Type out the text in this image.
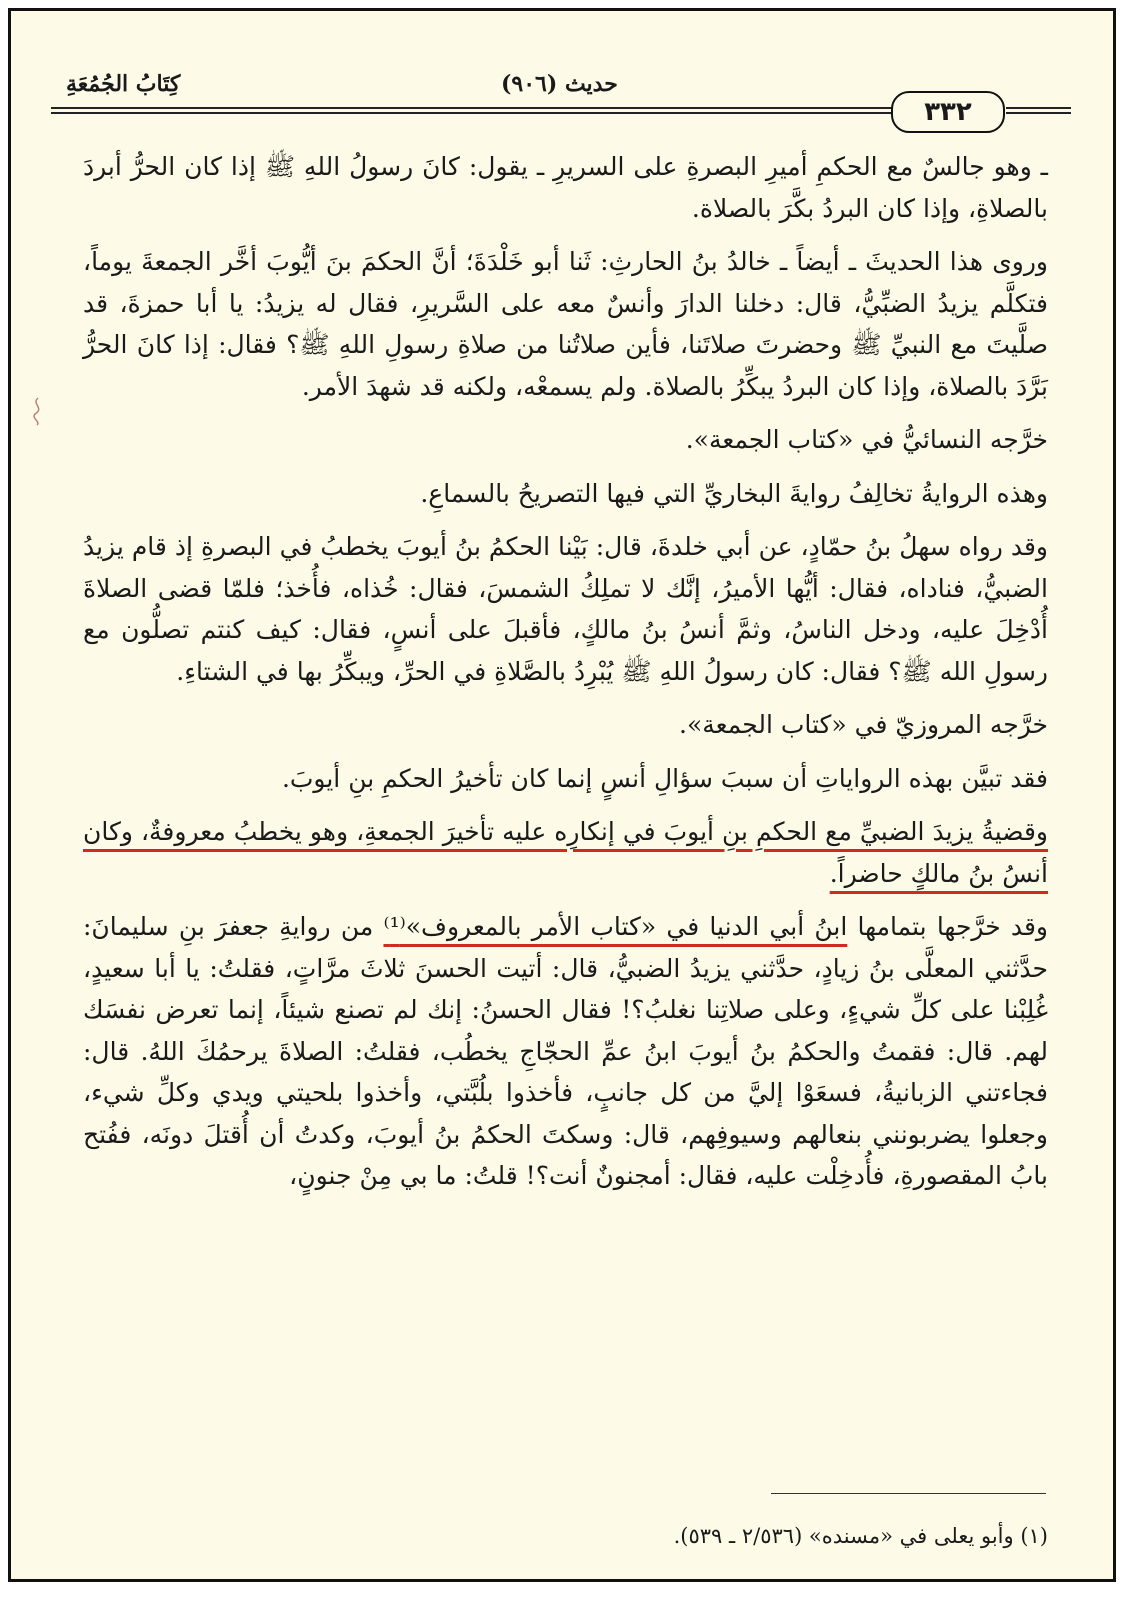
٣٣٢
حديث (٩٠٦)
كِتَابُ الجُمُعَةِ

ـ وهو جالسٌ مع الحكمِ أميرِ البصرةِ على السريرِ ـ يقول: كانَ رسولُ اللهِ ﷺ إذا كان الحرُّ أبردَ بالصلاةِ، وإذا كان البردُ بكَّرَ بالصلاة.

وروى هذا الحديثَ ـ أيضاً ـ خالدُ بنُ الحارثِ: ثَنا أبو خَلْدَةَ؛ أنَّ الحكمَ بنَ أيُّوبَ أخَّر الجمعةَ يوماً، فتكلَّم يزيدُ الضبِّيُّ، قال: دخلنا الدارَ وأنسٌ معه على السَّريرِ، فقال له يزيدُ: يا أبا حمزةَ، قد صلَّيتَ مع النبيِّ ﷺ وحضرتَ صلاتَنا، فأين صلاتُنا من صلاةِ رسولِ اللهِ ﷺ؟ فقال: إذا كانَ الحرُّ بَرَّدَ بالصلاة، وإذا كان البردُ يبكِّرُ بالصلاة. ولم يسمعْه، ولكنه قد شهدَ الأمر.

خرَّجه النسائيُّ في «كتاب الجمعة».

وهذه الروايةُ تخالِفُ روايةَ البخاريِّ التي فيها التصريحُ بالسماعِ.

وقد رواه سهلُ بنُ حمّادٍ، عن أبي خلدةَ، قال: بَيْنا الحكمُ بنُ أيوبَ يخطبُ في البصرةِ إذ قام يزيدُ الضبيُّ، فناداه، فقال: أيُّها الأميرُ، إنَّك لا تملِكُ الشمسَ، فقال: خُذاه، فأُخذ؛ فلمّا قضى الصلاةَ أُدْخِلَ عليه، ودخل الناسُ، وثمَّ أنسُ بنُ مالكٍ، فأقبلَ على أنسٍ، فقال: كيف كنتم تصلُّون مع رسولِ الله ﷺ؟ فقال: كان رسولُ اللهِ ﷺ يُبْرِدُ بالصَّلاةِ في الحرِّ، ويبكِّرُ بها في الشتاءِ.

خرَّجه المروزيّ في «كتاب الجمعة».

فقد تبيَّن بهذه الرواياتِ أن سببَ سؤالِ أنسٍ إنما كان تأخيرُ الحكمِ بنِ أيوبَ.

وقضيةُ يزيدَ الضبيِّ مع الحكمِ بنِ أيوبَ في إنكارِه عليه تأخيرَ الجمعةِ، وهو يخطبُ معروفةٌ، وكان أنسُ بنُ مالكٍ حاضراً.

وقد خرَّجها بتمامها ابنُ أبي الدنيا في «كتاب الأمر بالمعروف»⁽¹⁾ من روايةِ جعفرَ بنِ سليمانَ: حدَّثني المعلَّى بنُ زيادٍ، حدَّثني يزيدُ الضبيُّ، قال: أتيت الحسنَ ثلاثَ مرَّاتٍ، فقلتُ: يا أبا سعيدٍ، غُلِبْنا على كلِّ شيءٍ، وعلى صلاتِنا نغلبُ؟! فقال الحسنُ: إنك لم تصنع شيئاً، إنما تعرض نفسَك لهم. قال: فقمتُ والحكمُ بنُ أيوبَ ابنُ عمِّ الحجّاجِ يخطُب، فقلتُ: الصلاةَ يرحمُكَ اللهُ. قال: فجاءتني الزبانيةُ، فسعَوْا إليَّ من كل جانبٍ، فأخذوا بلُبَّتي، وأخذوا بلحيتي ويدي وكلِّ شيء، وجعلوا يضربونني بنعالهم وسيوفِهم، قال: وسكتَ الحكمُ بنُ أيوبَ، وكدتُ أن أُقتلَ دونَه، ففُتح بابُ المقصورةِ، فأُدخِلْت عليه، فقال: أمجنونٌ أنت؟! قلتُ: ما بي مِنْ جنونٍ،

(١) وأبو يعلى في «مسنده» (٢/٥٣٦ ـ ٥٣٩).
